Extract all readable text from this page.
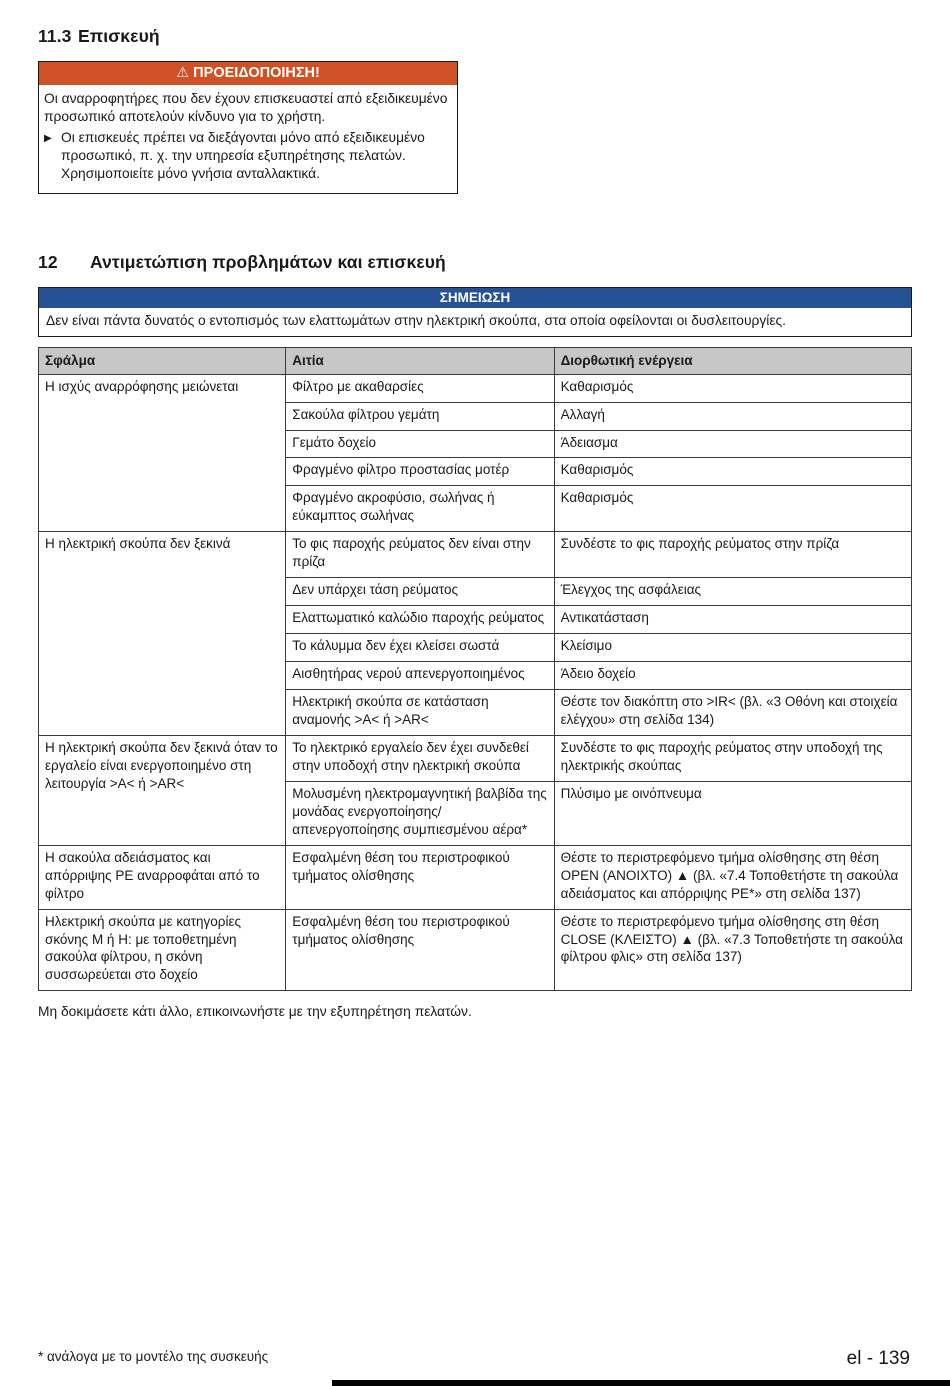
11.3 Επισκευή
⚠ ΠΡΟΕΙΔΟΠΟΙΗΣΗ!

Οι αναρροφητήρες που δεν έχουν επισκευαστεί από εξειδικευμένο προσωπικό αποτελούν κίνδυνο για το χρήστη.

▶ Οι επισκευές πρέπει να διεξάγονται μόνο από εξειδικευμένο προσωπικό, π. χ. την υπηρεσία εξυπηρέτησης πελατών. Χρησιμοποιείτε μόνο γνήσια ανταλλακτικά.

12 Αντιμετώπιση προβλημάτων και επισκευή
ΣΗΜΕΙΩΣΗ
Δεν είναι πάντα δυνατός ο εντοπισμός των ελαττωμάτων στην ηλεκτρική σκούπα, στα οποία οφείλονται οι δυσλειτουργίες.
Σφάλμα	Αιτία	Διορθωτική ενέργεια
Η ισχύς αναρρόφησης μειώνεται	Φίλτρο με ακαθαρσίες	Καθαρισμός
	Σακούλα φίλτρου γεμάτη	Αλλαγή
	Γεμάτο δοχείο	Άδειασμα
	Φραγμένο φίλτρο προστασίας μοτέρ	Καθαρισμός
	Φραγμένο ακροφύσιο, σωλήνας ή εύκαμπτος σωλήνας	Καθαρισμός
Η ηλεκτρική σκούπα δεν ξεκινά	Το φις παροχής ρεύματος δεν είναι στην πρίζα	Συνδέστε το φις παροχής ρεύματος στην πρίζα
	Δεν υπάρχει τάση ρεύματος	Έλεγχος της ασφάλειας
	Ελαττωματικό καλώδιο παροχής ρεύματος	Αντικατάσταση
	Το κάλυμμα δεν έχει κλείσει σωστά	Κλείσιμο
	Αισθητήρας νερού απενεργοποιημένος	Άδειο δοχείο
	Ηλεκτρική σκούπα σε κατάσταση αναμονής >A< ή >AR<	Θέστε τον διακόπτη στο >IR< (βλ. «3 Οθόνη και στοιχεία ελέγχου» στη σελίδα 134)
Η ηλεκτρική σκούπα δεν ξεκινά όταν το εργαλείο είναι ενεργοποιημένο στη λειτουργία >A< ή >AR<	Το ηλεκτρικό εργαλείο δεν έχει συνδεθεί στην υποδοχή στην ηλεκτρική σκούπα	Συνδέστε το φις παροχής ρεύματος στην υποδοχή της ηλεκτρικής σκούπας
	Μολυσμένη ηλεκτρομαγνητική βαλβίδα της μονάδας ενεργοποίησης/απενεργοποίησης συμπιεσμένου αέρα*	Πλύσιμο με οινόπνευμα
Η σακούλα αδειάσματος και απόρριψης PE αναρροφάται από το φίλτρο	Εσφαλμένη θέση του περιστροφικού τμήματος ολίσθησης	Θέστε το περιστρεφόμενο τμήμα ολίσθησης στη θέση OPEN (ΑΝΟΙΧΤΟ) ▲ (βλ. «7.4 Τοποθετήστε τη σακούλα αδειάσματος και απόρριψης PE*» στη σελίδα 137)
Ηλεκτρική σκούπα με κατηγορίες σκόνης M ή H: με τοποθετημένη σακούλα φίλτρου, η σκόνη συσσωρεύεται στο δοχείο	Εσφαλμένη θέση του περιστροφικού τμήματος ολίσθησης	Θέστε το περιστρεφόμενο τμήμα ολίσθησης στη θέση CLOSE (ΚΛΕΙΣΤΟ) ▲ (βλ. «7.3 Τοποθετήστε τη σακούλα φίλτρου φλις» στη σελίδα 137)

Μη δοκιμάσετε κάτι άλλο, επικοινωνήστε με την εξυπηρέτηση πελατών.

* ανάλογα με το μοντέλο της συσκευής	el - 139
